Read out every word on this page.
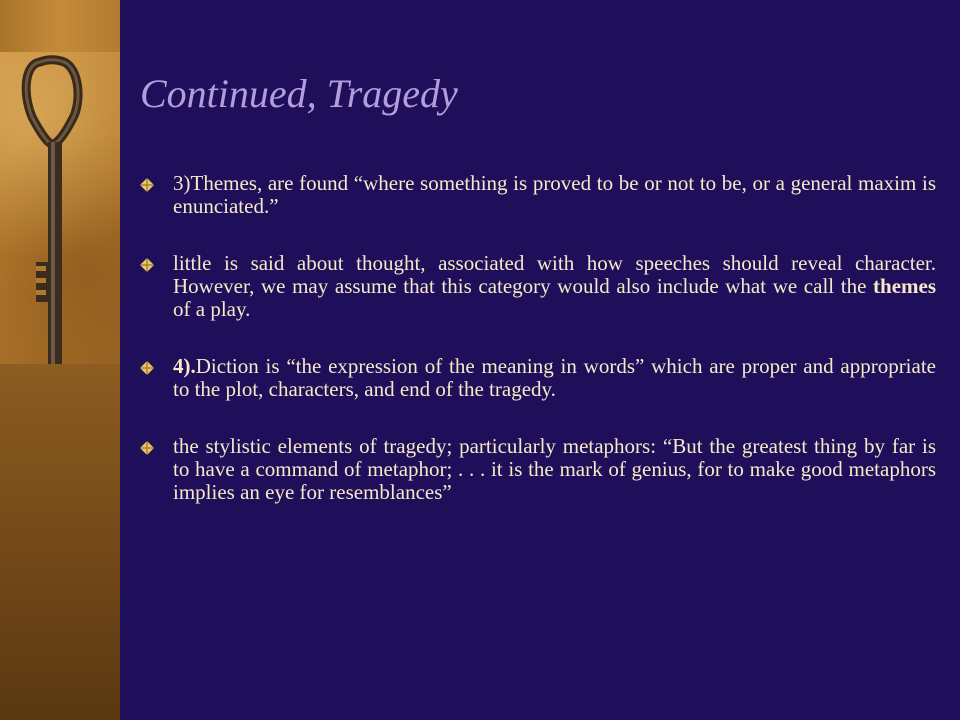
Continued, Tragedy
3)Themes, are found “where something is proved to be or not to be, or a general maxim is enunciated.”
little is said about thought, associated with how speeches should reveal character. However, we may assume that this category would also include what we call the themes of a play.
4).Diction is “the expression of the meaning in words” which are proper and appropriate to the plot, characters, and end of the tragedy.
the stylistic elements of tragedy; particularly metaphors: “But the greatest thing by far is to have a command of metaphor; . . . it is the mark of genius, for to make good metaphors implies an eye for resemblances”
